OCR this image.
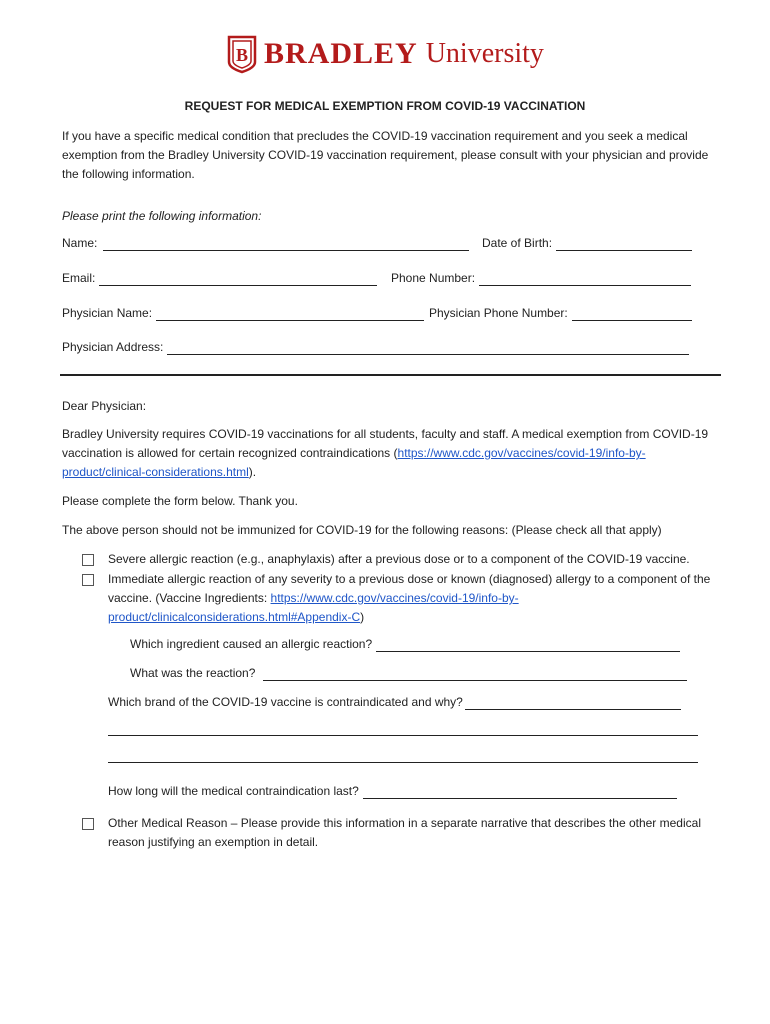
B BRADLEY University
REQUEST FOR MEDICAL EXEMPTION FROM COVID-19 VACCINATION
If you have a specific medical condition that precludes the COVID-19 vaccination requirement and you seek a medical exemption from the Bradley University COVID-19 vaccination requirement, please consult with your physician and provide the following information.
Please print the following information:
Name:	Date of Birth:
Email:	Phone Number:
Physician Name:	Physician Phone Number:
Physician Address:
Dear Physician:
Bradley University requires COVID-19 vaccinations for all students, faculty and staff. A medical exemption from COVID-19 vaccination is allowed for certain recognized contraindications (https://www.cdc.gov/vaccines/covid-19/info-by-product/clinical-considerations.html).
Please complete the form below. Thank you.
The above person should not be immunized for COVID-19 for the following reasons: (Please check all that apply)
Severe allergic reaction (e.g., anaphylaxis) after a previous dose or to a component of the COVID-19 vaccine.
Immediate allergic reaction of any severity to a previous dose or known (diagnosed) allergy to a component of the vaccine. (Vaccine Ingredients: https://www.cdc.gov/vaccines/covid-19/info-by-product/clinicalconsiderations.html#Appendix-C)
Which ingredient caused an allergic reaction?
What was the reaction?
Which brand of the COVID-19 vaccine is contraindicated and why?
How long will the medical contraindication last?
Other Medical Reason – Please provide this information in a separate narrative that describes the other medical reason justifying an exemption in detail.
